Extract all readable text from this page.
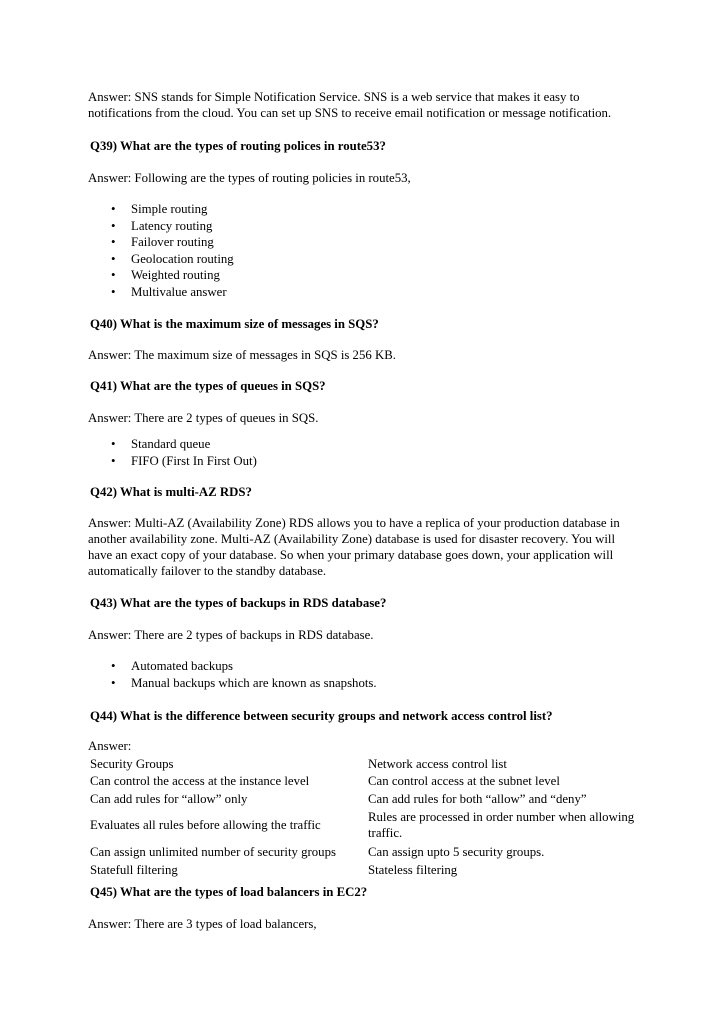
Answer: SNS stands for Simple Notification Service. SNS is a web service that makes it easy to notifications from the cloud. You can set up SNS to receive email notification or message notification.

Q39) What are the types of routing polices in route53?

Answer: Following are the types of routing policies in route53,

• Simple routing
• Latency routing
• Failover routing
• Geolocation routing
• Weighted routing
• Multivalue answer

Q40) What is the maximum size of messages in SQS?

Answer: The maximum size of messages in SQS is 256 KB.

Q41) What are the types of queues in SQS?

Answer: There are 2 types of queues in SQS.

• Standard queue
• FIFO (First In First Out)

Q42) What is multi-AZ RDS?

Answer: Multi-AZ (Availability Zone) RDS allows you to have a replica of your production database in another availability zone. Multi-AZ (Availability Zone) database is used for disaster recovery. You will have an exact copy of your database. So when your primary database goes down, your application will automatically failover to the standby database.

Q43) What are the types of backups in RDS database?

Answer: There are 2 types of backups in RDS database.

• Automated backups
• Manual backups which are known as snapshots.

Q44) What is the difference between security groups and network access control list?

Answer:

Security Groups	Network access control list
Can control the access at the instance level	Can control access at the subnet level
Can add rules for “allow” only	Can add rules for both “allow” and “deny”
Evaluates all rules before allowing the traffic	Rules are processed in order number when allowing traffic.
Can assign unlimited number of security groups	Can assign upto 5 security groups.
Statefull filtering	Stateless filtering

Q45) What are the types of load balancers in EC2?

Answer: There are 3 types of load balancers,
